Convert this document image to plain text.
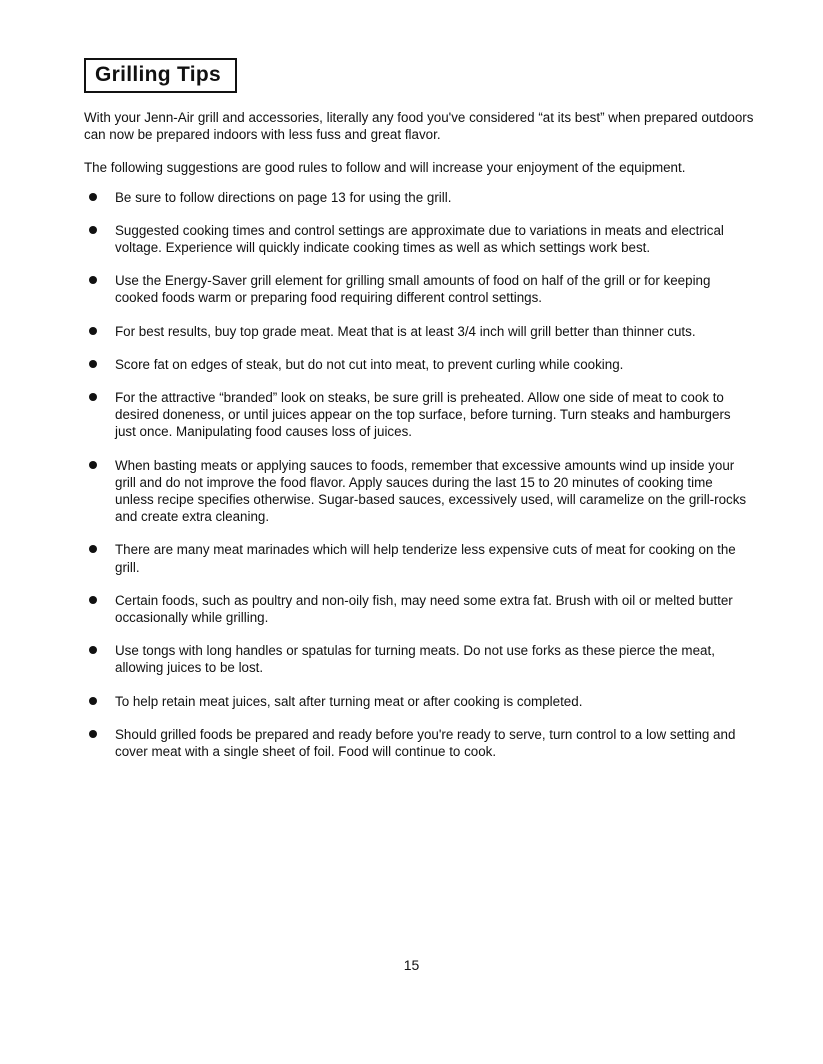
Grilling Tips

With your Jenn-Air grill and accessories, literally any food you've considered “at its best” when prepared outdoors can now be prepared indoors with less fuss and great flavor.

The following suggestions are good rules to follow and will increase your enjoyment of the equipment.

Be sure to follow directions on page 13 for using the grill.
Suggested cooking times and control settings are approximate due to variations in meats and electrical voltage. Experience will quickly indicate cooking times as well as which settings work best.
Use the Energy-Saver grill element for grilling small amounts of food on half of the grill or for keeping cooked foods warm or preparing food requiring different control settings.
For best results, buy top grade meat. Meat that is at least 3/4 inch will grill better than thinner cuts.
Score fat on edges of steak, but do not cut into meat, to prevent curling while cooking.
For the attractive “branded” look on steaks, be sure grill is preheated. Allow one side of meat to cook to desired doneness, or until juices appear on the top surface, before turning. Turn steaks and hamburgers just once. Manipulating food causes loss of juices.
When basting meats or applying sauces to foods, remember that excessive amounts wind up inside your grill and do not improve the food flavor. Apply sauces during the last 15 to 20 minutes of cooking time unless recipe specifies otherwise. Sugar-based sauces, excessively used, will caramelize on the grill-rocks and create extra cleaning.
There are many meat marinades which will help tenderize less expensive cuts of meat for cooking on the grill.
Certain foods, such as poultry and non-oily fish, may need some extra fat. Brush with oil or melted butter occasionally while grilling.
Use tongs with long handles or spatulas for turning meats. Do not use forks as these pierce the meat, allowing juices to be lost.
To help retain meat juices, salt after turning meat or after cooking is completed.
Should grilled foods be prepared and ready before you're ready to serve, turn control to a low setting and cover meat with a single sheet of foil. Food will continue to cook.
15
